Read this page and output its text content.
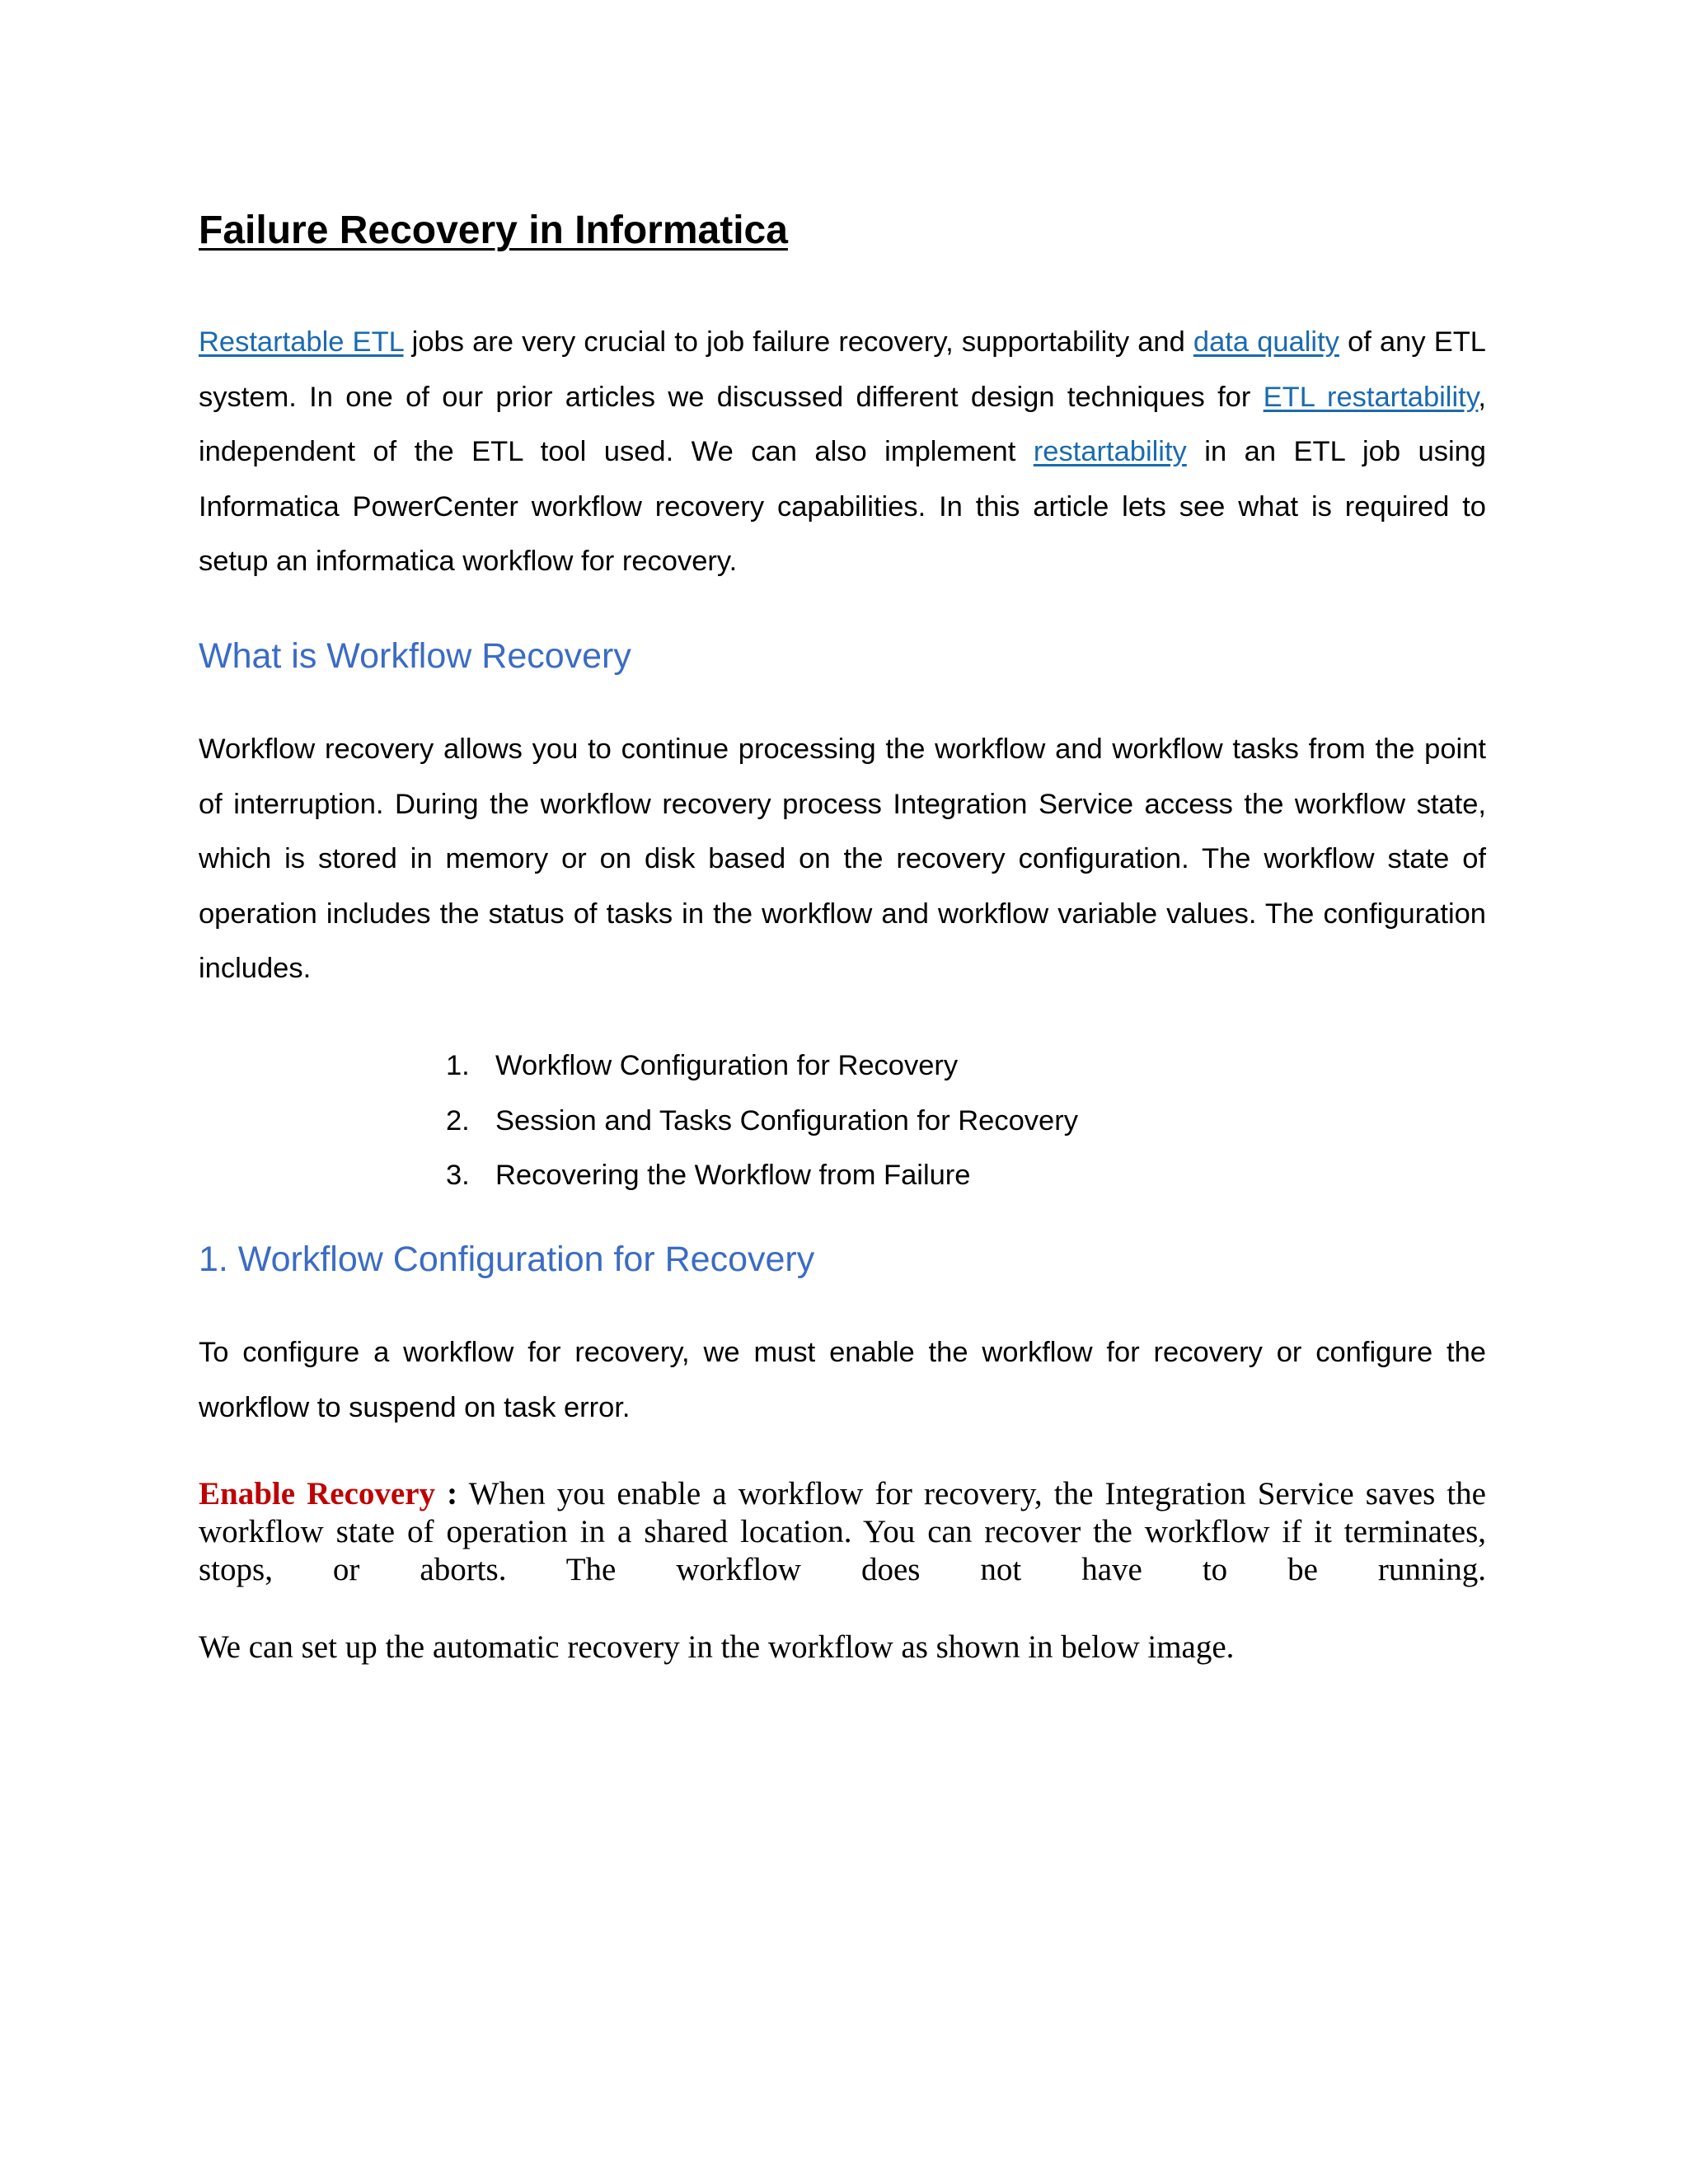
Failure Recovery in Informatica

Restartable ETL jobs are very crucial to job failure recovery, supportability and data quality of any ETL system. In one of our prior articles we discussed different design techniques for ETL restartability, independent of the ETL tool used. We can also implement restartability in an ETL job using Informatica PowerCenter workflow recovery capabilities. In this article lets see what is required to setup an informatica workflow for recovery.

What is Workflow Recovery

Workflow recovery allows you to continue processing the workflow and workflow tasks from the point of interruption. During the workflow recovery process Integration Service access the workflow state, which is stored in memory or on disk based on the recovery configuration. The workflow state of operation includes the status of tasks in the workflow and workflow variable values. The configuration includes.

1. Workflow Configuration for Recovery
2. Session and Tasks Configuration for Recovery
3. Recovering the Workflow from Failure
1. Workflow Configuration for Recovery

To configure a workflow for recovery, we must enable the workflow for recovery or configure the workflow to suspend on task error.

Enable Recovery : When you enable a workflow for recovery, the Integration Service saves the workflow state of operation in a shared location. You can recover the workflow if it terminates, stops, or aborts. The workflow does not have to be running.

We can set up the automatic recovery in the workflow as shown in below image.
